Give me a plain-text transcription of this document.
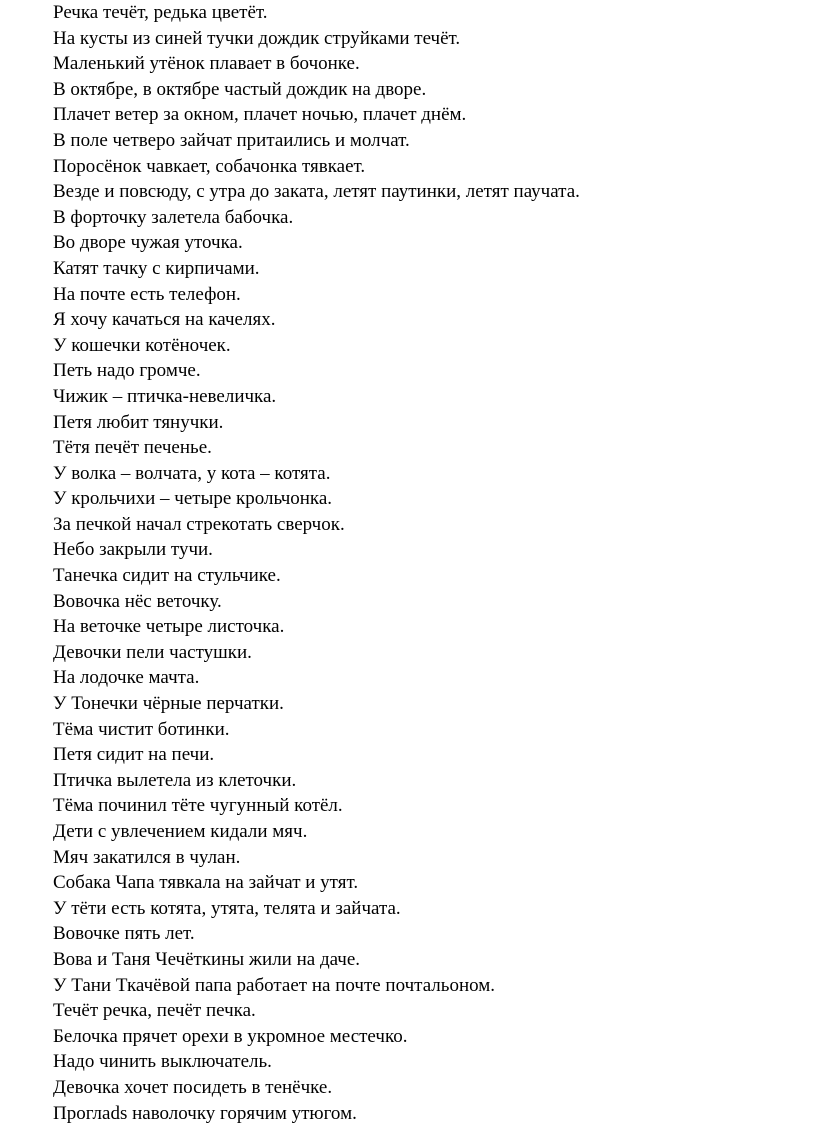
Речка течёт, редька цветёт.
На кусты из синей тучки дождик струйками течёт.
Маленький утёнок плавает в бочонке.
В октябре, в октябре частый дождик на дворе.
Плачет ветер за окном, плачет ночью, плачет днём.
В поле четверо зайчат притаились и молчат.
Поросёнок чавкает, собачонка тявкает.
Везде и повсюду, с утра до заката, летят паутинки, летят паучата.
В форточку залетела бабочка.
Во дворе чужая уточка.
Катят тачку с кирпичами.
На почте есть телефон.
Я хочу качаться на качелях.
У кошечки котёночек.
Петь надо громче.
Чижик – птичка-невеличка.
Петя любит тянучки.
Тётя печёт печенье.
У волка – волчата, у кота – котята.
У крольчихи – четыре крольчонка.
За печкой начал стрекотать сверчок.
Небо закрыли тучи.
Танечка сидит на стульчике.
Вовочка нёс веточку.
На веточке четыре листочка.
Девочки пели частушки.
На лодочке мачта.
У Тонечки чёрные перчатки.
Тёма чистит ботинки.
Петя сидит на печи.
Птичка вылетела из клеточки.
Тёма починил тёте чугунный котёл.
Дети с увлечением кидали мяч.
Мяч закатился в чулан.
Собака Чапа тявкала на зайчат и утят.
У тёти есть котята, утята, телята и зайчата.
Вовочке пять лет.
Вова и Таня Чечёткины жили на даче.
У Тани Ткачёвой папа работает на почте почтальоном.
Течёт речка, печёт печка.
Белочка прячет орехи в укромное местечко.
Надо чинить выключатель.
Девочка хочет посидеть в тенёчке.
Проглads наволочку горячим утюгом.
